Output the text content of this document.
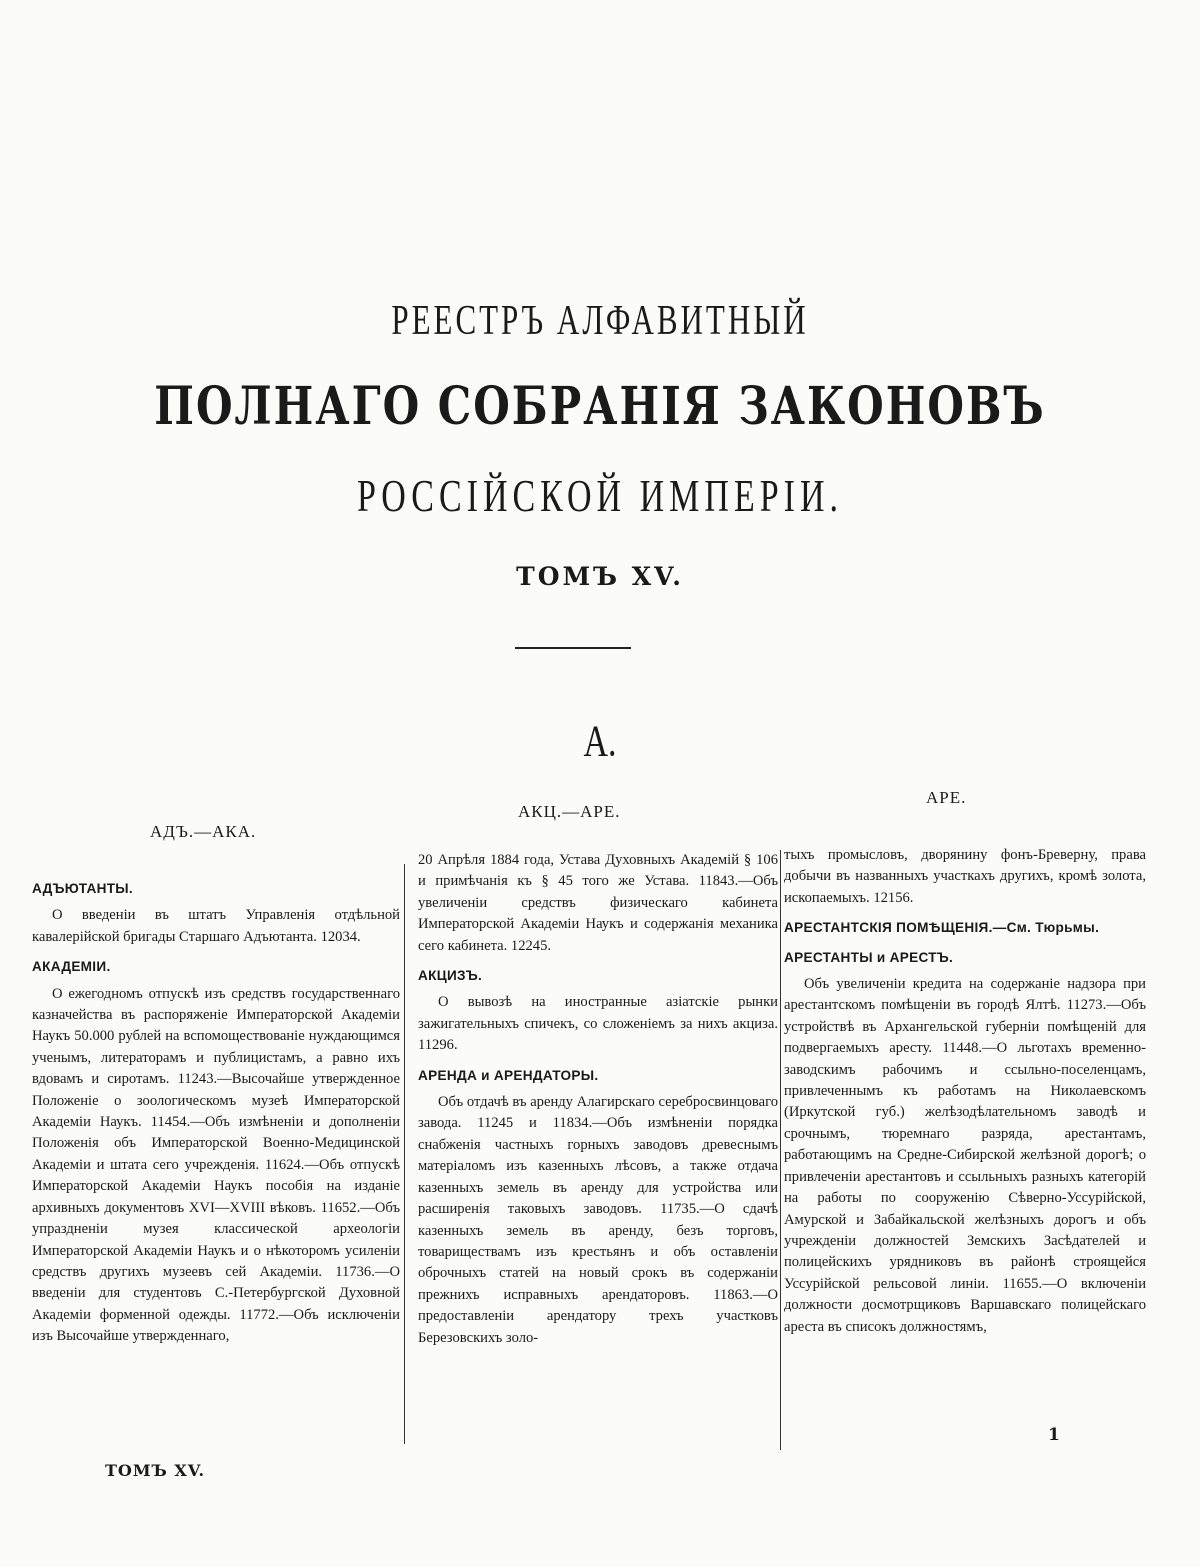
РЕЕСТРЪ АЛФАВИТНЫЙ
ПОЛНАГО СОБРАНІЯ ЗАКОНОВЪ
РОССІЙСКОЙ ИМПЕРІИ.
ТОМЪ XV.
А.
АДЪ.—АКА.
АКЦ.—АРЕ.
АРЕ.
АДЪЮТАНТЫ.
О введеніи въ штатъ Управленія отдѣльной кавалерійской бригады Старшаго Адъютанта. 12034.
АКАДЕМІИ.
О ежегодномъ отпускѣ изъ средствъ государственнаго казначейства въ распоряженіе Императорской Академіи Наукъ 50.000 рублей на вспомоществованіе нуждающимся ученымъ, литераторамъ и публицистамъ, а равно ихъ вдовамъ и сиротамъ. 11243.—Высочайше утвержденное Положеніе о зоологическомъ музеѣ Императорской Академіи Наукъ. 11454.—Объ измѣненіи и дополненіи Положенія объ Императорской Военно-Медицинской Академіи и штата сего учрежденія. 11624.—Объ отпускѣ Императорской Академіи Наукъ пособія на изданіе архивныхъ документовъ XVI—XVIII вѣковъ. 11652.—Объ упраздненіи музея классической археологіи Императорской Академіи Наукъ и о нѣкоторомъ усиленіи средствъ другихъ музеевъ сей Академіи. 11736.—О введеніи для студентовъ С.-Петербургской Духовной Академіи форменной одежды. 11772.—Объ исключеніи изъ Высочайше утвержденнаго,
20 Апрѣля 1884 года, Устава Духовныхъ Академій § 106 и примѣчанія къ § 45 того же Устава. 11843.—Объ увеличеніи средствъ физическаго кабинета Императорской Академіи Наукъ и содержанія механика сего кабинета. 12245.
АКЦИЗЪ.
О вывозѣ на иностранные азіатскіе рынки зажигательныхъ спичекъ, со сложеніемъ за нихъ акциза. 11296.
АРЕНДА и АРЕНДАТОРЫ.
Объ отдачѣ въ аренду Алагирскаго серебросвинцоваго завода. 11245 и 11834.—Объ измѣненіи порядка снабженія частныхъ горныхъ заводовъ древеснымъ матеріаломъ изъ казенныхъ лѣсовъ, а также отдача казенныхъ земель въ аренду для устройства или расширенія таковыхъ заводовъ. 11735.—О сдачѣ казенныхъ земель въ аренду, безъ торговъ, товариществамъ изъ крестьянъ и объ оставленіи оброчныхъ статей на новый срокъ въ содержаніи прежнихъ исправныхъ арендаторовъ. 11863.—О предоставленіи арендатору трехъ участковъ Березовскихъ золо-
тыхъ промысловъ, дворянину фонъ-Бреверну, права добычи въ названныхъ участкахъ другихъ, кромѣ золота, ископаемыхъ. 12156.
АРЕСТАНТСКІЯ ПОМѢЩЕНІЯ.—См. Тюрьмы.
АРЕСТАНТЫ и АРЕСТЪ.
Объ увеличеніи кредита на содержаніе надзора при арестантскомъ помѣщеніи въ городѣ Ялтѣ. 11273.—Объ устройствѣ въ Архангельской губерніи помѣщеній для подвергаемыхъ аресту. 11448.—О льготахъ временно-заводскимъ рабочимъ и ссыльно-поселенцамъ, привлеченнымъ къ работамъ на Николаевскомъ (Иркутской губ.) желѣзодѣлательномъ заводѣ и срочнымъ, тюремнаго разряда, арестантамъ, работающимъ на Средне-Сибирской желѣзной дорогѣ; о привлеченіи арестантовъ и ссыльныхъ разныхъ категорій на работы по сооруженію Сѣверно-Уссурійской, Амурской и Забайкальской желѣзныхъ дорогъ и объ учрежденіи должностей Земскихъ Засѣдателей и полицейскихъ урядниковъ въ районѣ строящейся Уссурійской рельсовой линіи. 11655.—О включеніи должности досмотрщиковъ Варшавскаго полицейскаго ареста въ списокъ должностямъ,
ТОМЪ XV.
1
